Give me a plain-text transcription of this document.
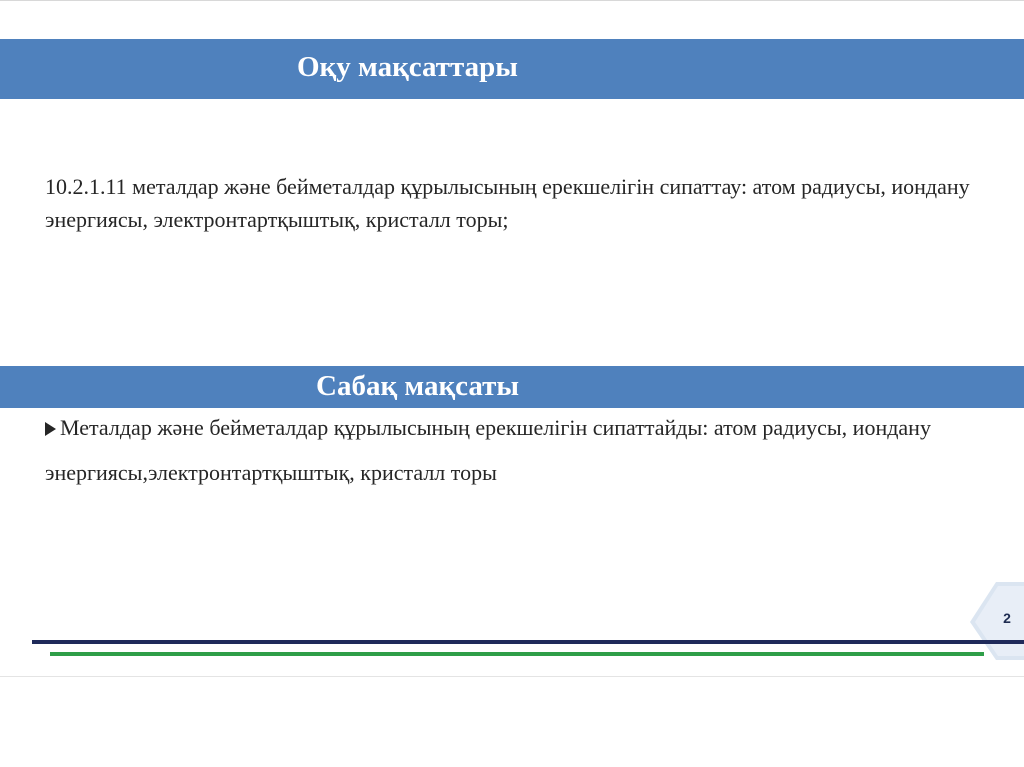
Оқу мақсаттары
10.2.1.11 металдар және бейметалдар құрылысының ерекшелігін сипаттау: атом радиусы, иондану энергиясы, электронтартқыштық, кристалл торы;
Сабақ мақсаты
Металдар және бейметалдар құрылысының ерекшелігін сипаттайды: атом радиусы, иондану энергиясы,электронтартқыштық, кристалл торы
2
